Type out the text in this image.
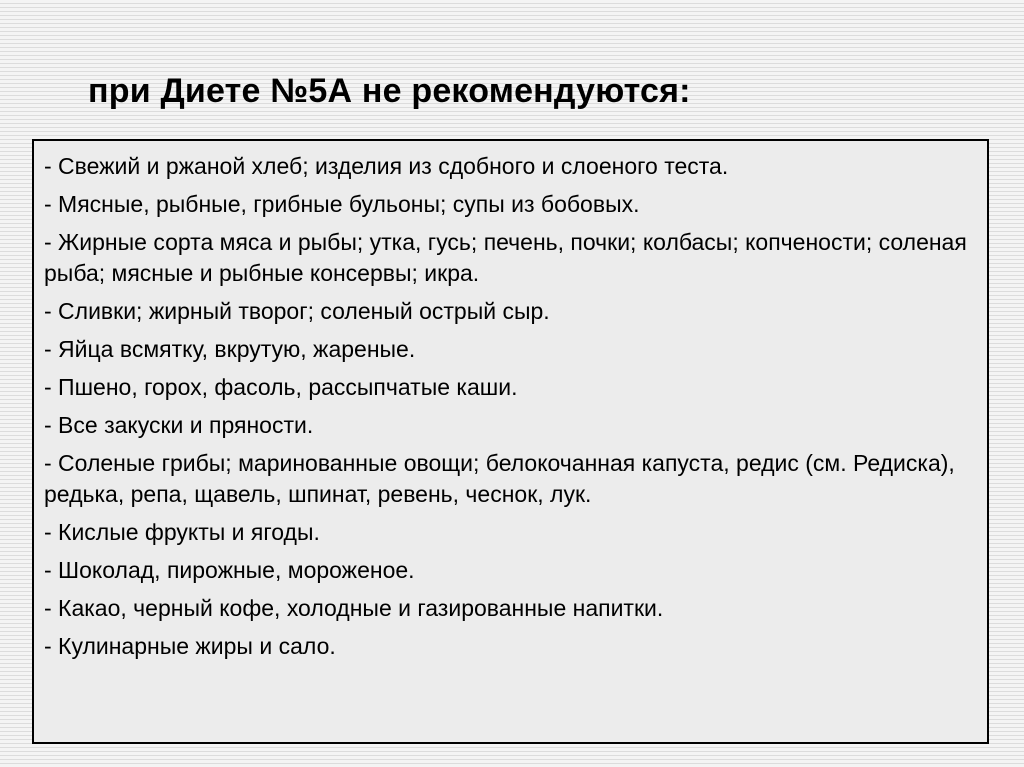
при Диете №5А не рекомендуются:
- Свежий и ржаной хлеб; изделия из сдобного и слоеного теста.
- Мясные, рыбные, грибные бульоны; супы из бобовых.
- Жирные сорта мяса и рыбы; утка, гусь; печень, почки; колбасы; копчености; соленая рыба; мясные и рыбные консервы; икра.
- Сливки; жирный творог; соленый острый сыр.
- Яйца всмятку, вкрутую, жареные.
- Пшено, горох, фасоль, рассыпчатые каши.
- Все закуски и пряности.
- Соленые грибы; маринованные овощи; белокочанная капуста, редис (см. Редиска), редька, репа, щавель, шпинат, ревень, чеснок, лук.
- Кислые фрукты и ягоды.
- Шоколад, пирожные, мороженое.
- Какао, черный кофе, холодные и газированные напитки.
- Кулинарные жиры и сало.
